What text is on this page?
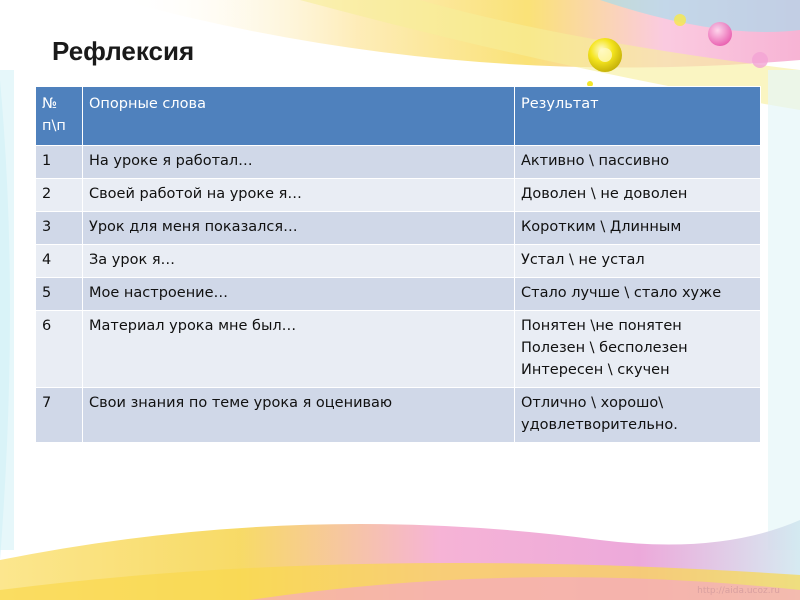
Рефлексия
№ п\п	Опорные слова	Результат
1	На уроке я работал…	Активно \ пассивно

2	Своей работой на уроке я…	Доволен \ не доволен

3	Урок для меня показался…	Коротким \ Длинным

4	За урок я…	Устал \ не устал

5	Мое настроение…	Стало лучше \ стало хуже

6	Материал урока мне был…	Понятен \не понятен
Полезен \ бесполезен
Интересен \ скучен

7	Свои знания по теме урока я оцениваю	Отлично \ хорошо\
удовлетворительно.
http://aida.ucoz.ru
